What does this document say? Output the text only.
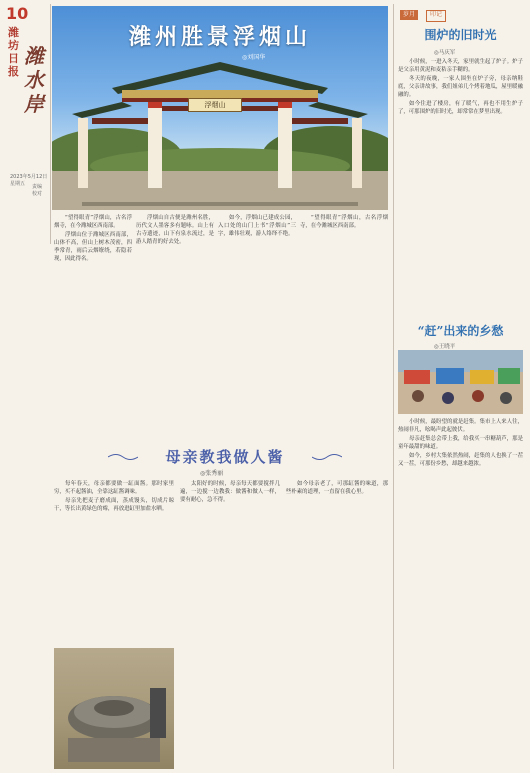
10
潍坊日报
潍水岸
2023年5月12日 星期五	责编 校对
潍州胜景浮烟山
◎刘国华
浮烟山

“望得眼青”浮烟山，古名浮烟寺，在今潍城区西南部。

浮烟山位于潍城区西南部，山体不高，但山上树木茂密，四季常青，雨后云烟缭绕，若隐若现，因此得名。

浮烟山自古便是潍州名胜，历代文人墨客多有题咏。山上有古寺遗迹，山下有泉水流过，是游人踏青的好去处。

如今，浮烟山已建成公园，入口处的山门上书“浮烟山”三字，雄伟壮观，游人络绎不绝。

“望得眼青”浮烟山，古名浮烟寺，在今潍城区西南部。

母亲教我做人酱
◎张秀丽

每年春天，母亲都要做一缸面酱。那时家里穷，买不起酱油，全靠这缸酱调味。

母亲先把麦子磨成面，蒸成馒头，切成片晾干，等长出黄绿色的霉，再放进缸里加盐水晒。

太阳好的时候，母亲每天都要搅拌几遍，一边搅一边教我：做酱和做人一样，要有耐心，急不得。

如今母亲老了，可那缸酱的味道，那些朴素的道理，一直留在我心里。

岁月	印记
围炉的旧时光
◎马庆军

小时候，一进入冬天，家里就生起了炉子。炉子是父亲用黄泥和麦秸亲手糊的。

冬天的夜晚，一家人围坐在炉子旁，母亲纳鞋底，父亲讲故事，我们姐弟几个烤着地瓜，屋里暖融融的。

如今住进了楼房，有了暖气，再也不用生炉子了，可那围炉的旧时光，却常常在梦里出现。

“赶”出来的乡愁
◎王晓平

小时候，最盼望的就是赶集。集市上人来人往，热闹非凡，吆喝声此起彼伏。

母亲赶集总会带上我，给我买一串糖葫芦，那是童年最甜的味道。

如今，乡村大集依然热闹，赶集的人也换了一茬又一茬，可那份乡愁，却越来越浓。
